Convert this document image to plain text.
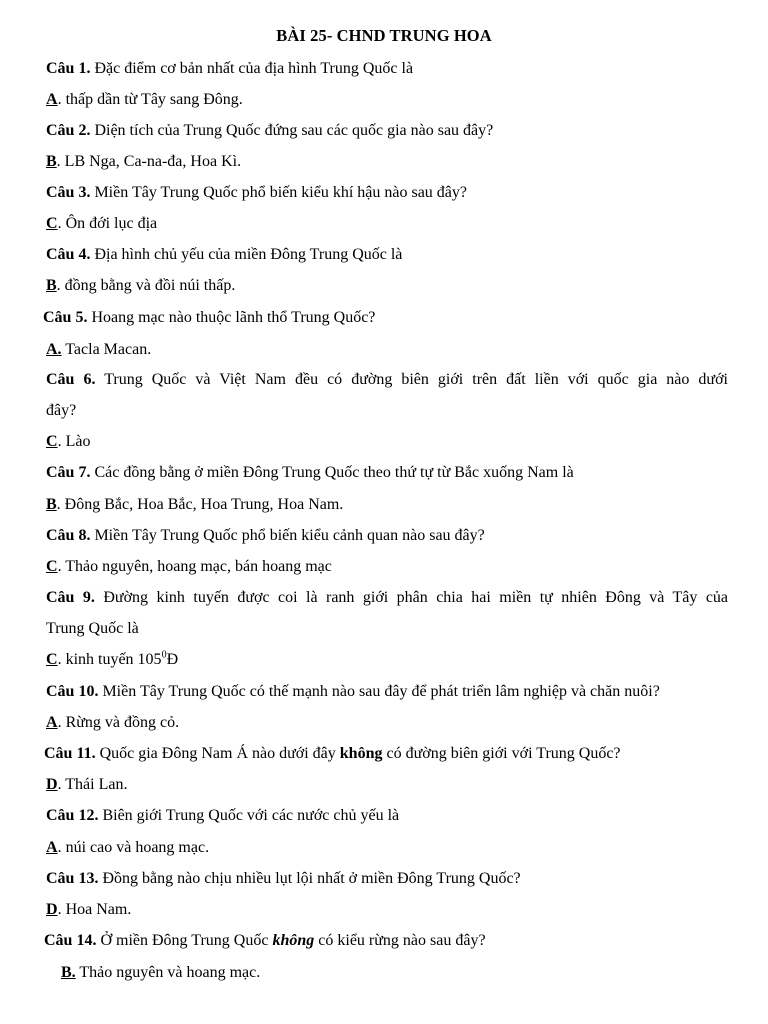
BÀI 25- CHND TRUNG HOA
Câu 1. Đặc điểm cơ bản nhất của địa hình Trung Quốc là
A. thấp dần từ Tây sang Đông.
Câu 2. Diện tích của Trung Quốc đứng sau các quốc gia nào sau đây?
B. LB Nga, Ca-na-đa, Hoa Kì.
Câu 3. Miền Tây Trung Quốc phổ biến kiểu khí hậu nào sau đây?
C. Ôn đới lục địa
Câu 4. Địa hình chủ yếu của miền Đông Trung Quốc là
B. đồng bằng và đồi núi thấp.
Câu 5. Hoang mạc nào thuộc lãnh thổ Trung Quốc?
A. Tacla Macan.
Câu 6. Trung Quốc và Việt Nam đều có đường biên giới trên đất liền với quốc gia nào dưới
đây?
C. Lào
Câu 7. Các đồng bằng ở miền Đông Trung Quốc theo thứ tự từ Bắc xuống Nam là
B. Đông Bắc, Hoa Bắc, Hoa Trung, Hoa Nam.
Câu 8. Miền Tây Trung Quốc phổ biến kiểu cảnh quan nào sau đây?
C. Thảo nguyên, hoang mạc, bán hoang mạc
Câu 9. Đường kinh tuyến được coi là ranh giới phân chia hai miền tự nhiên Đông và Tây của
Trung Quốc là
C. kinh tuyến $105^0Đ$
Câu 10. Miền Tây Trung Quốc có thế mạnh nào sau đây để phát triển lâm nghiệp và chăn nuôi?
A. Rừng và đồng cỏ.
Câu 11. Quốc gia Đông Nam Á nào dưới đây không có đường biên giới với Trung Quốc?
D. Thái Lan.
Câu 12. Biên giới Trung Quốc với các nước chủ yếu là
A. núi cao và hoang mạc.
Câu 13. Đồng bằng nào chịu nhiều lụt lội nhất ở miền Đông Trung Quốc?
D. Hoa Nam.
Câu 14. Ở miền Đông Trung Quốc không có kiểu rừng nào sau đây?
B. Thảo nguyên và hoang mạc.
